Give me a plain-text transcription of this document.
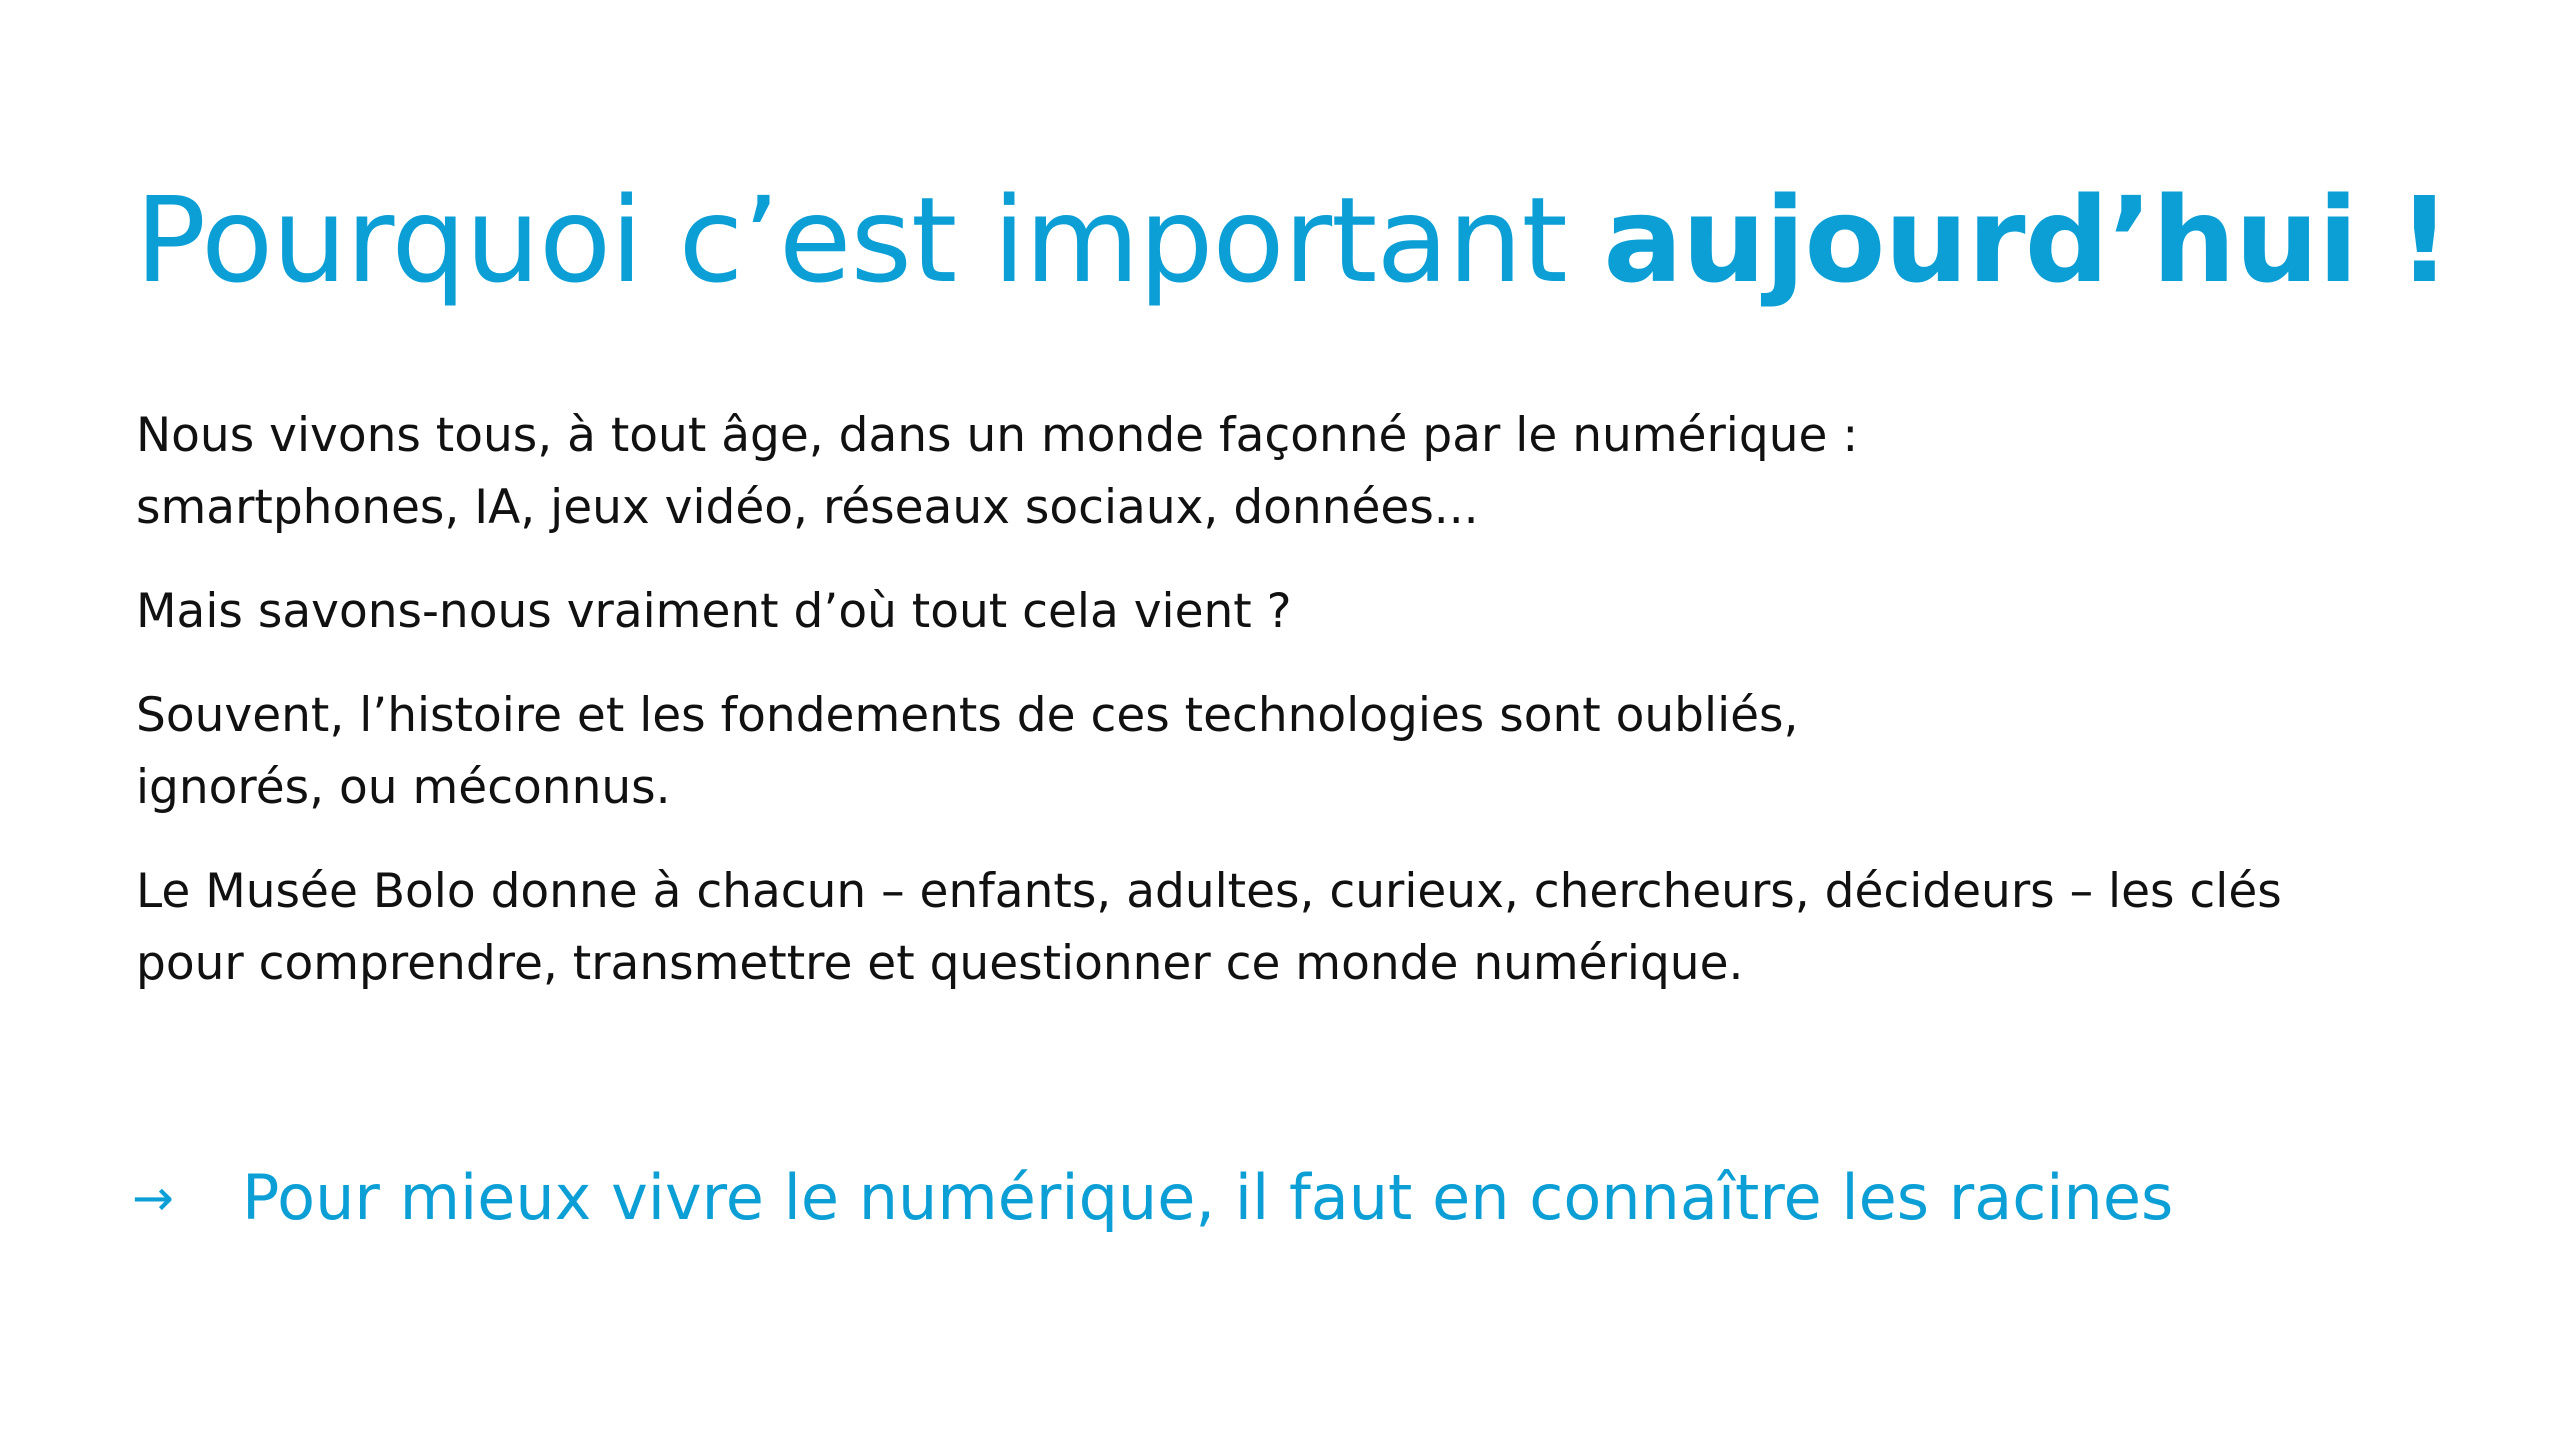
Pourquoi c’est important aujourd’hui !

Nous vivons tous, à tout âge, dans un monde façonné par le numérique :
smartphones, IA, jeux vidéo, réseaux sociaux, données...

Mais savons-nous vraiment d’où tout cela vient ?

Souvent, l’histoire et les fondements de ces technologies sont oubliés,
ignorés, ou méconnus.

Le Musée Bolo donne à chacun – enfants, adultes, curieux, chercheurs, décideurs – les clés
pour comprendre, transmettre et questionner ce monde numérique.

→	Pour mieux vivre le numérique, il faut en connaître les racines
